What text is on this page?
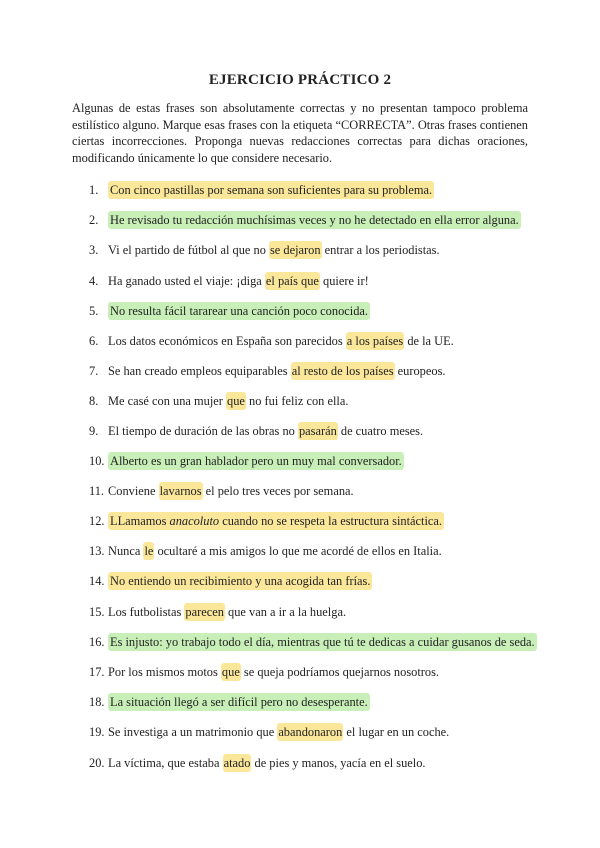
EJERCICIO PRÁCTICO 2

Algunas de estas frases son absolutamente correctas y no presentan tampoco problema estilístico alguno. Marque esas frases con la etiqueta “CORRECTA”. Otras frases contienen ciertas incorrecciones. Proponga nuevas redacciones correctas para dichas oraciones, modificando únicamente lo que considere necesario.

1. Con cinco pastillas por semana son suficientes para su problema.
2. He revisado tu redacción muchísimas veces y no he detectado en ella error alguna.
3. Vi el partido de fútbol al que no se dejaron entrar a los periodistas.
4. Ha ganado usted el viaje: ¡diga el país que quiere ir!
5. No resulta fácil tararear una canción poco conocida.
6. Los datos económicos en España son parecidos a los países de la UE.
7. Se han creado empleos equiparables al resto de los países europeos.
8. Me casé con una mujer que no fui feliz con ella.
9. El tiempo de duración de las obras no pasarán de cuatro meses.
10. Alberto es un gran hablador pero un muy mal conversador.
11. Conviene lavarnos el pelo tres veces por semana.
12. LLamamos anacoluto cuando no se respeta la estructura sintáctica.
13. Nunca le ocultaré a mis amigos lo que me acordé de ellos en Italia.
14. No entiendo un recibimiento y una acogida tan frías.
15. Los futbolistas parecen que van a ir a la huelga.
16. Es injusto: yo trabajo todo el día, mientras que tú te dedicas a cuidar gusanos de seda.
17. Por los mismos motos que se queja podríamos quejarnos nosotros.
18. La situación llegó a ser difícil pero no desesperante.
19. Se investiga a un matrimonio que abandonaron el lugar en un coche.
20. La víctima, que estaba atado de pies y manos, yacía en el suelo.
